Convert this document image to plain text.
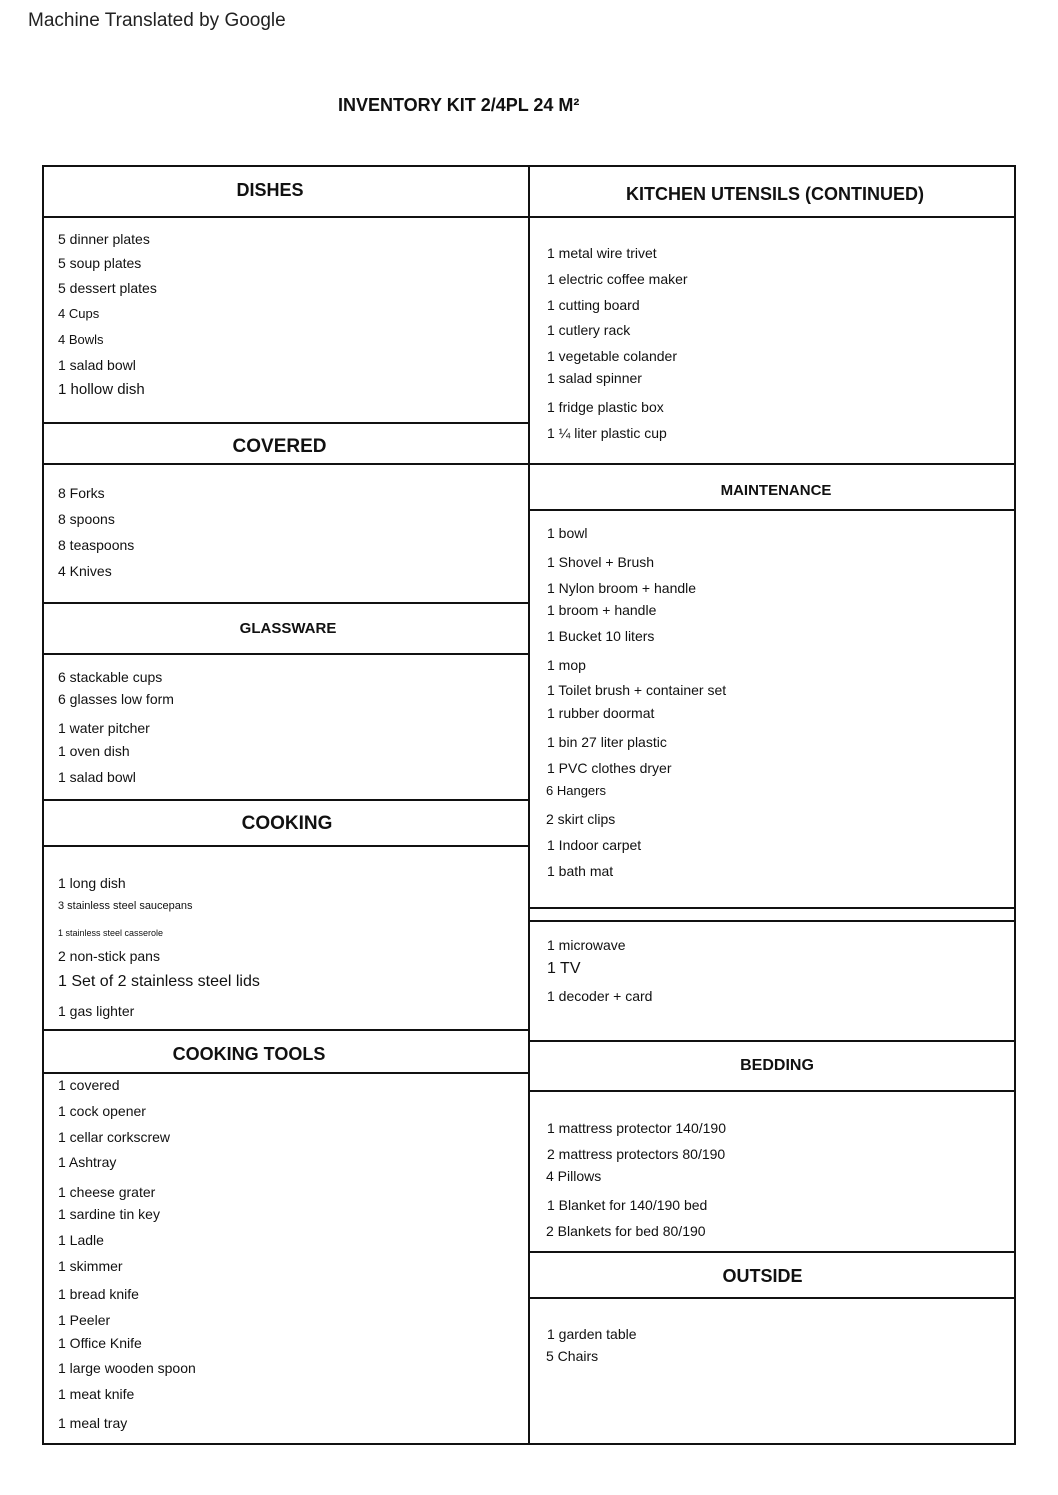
Machine Translated by Google
INVENTORY KIT 2/4PL 24 M²
DISHES
5 dinner plates
5 soup plates
5 dessert plates
4 Cups
4 Bowls
1 salad bowl
1 hollow dish
COVERED
8 Forks
8 spoons
8 teaspoons
4 Knives
GLASSWARE
6 stackable cups
6 glasses low form
1 water pitcher
1 oven dish
1 salad bowl
COOKING
1 long dish
3 stainless steel saucepans
1 stainless steel casserole
2 non-stick pans
1 Set of 2 stainless steel lids
1 gas lighter
COOKING TOOLS
1 covered
1 cock opener
1 cellar corkscrew
1 Ashtray
1 cheese grater
1 sardine tin key
1 Ladle
1 skimmer
1 bread knife
1 Peeler
1 Office Knife
1 large wooden spoon
1 meat knife
1 meal tray
KITCHEN UTENSILS (CONTINUED)
1 metal wire trivet
1 electric coffee maker
1 cutting board
1 cutlery rack
1 vegetable colander
1 salad spinner
1 fridge plastic box
1 ¼ liter plastic cup
MAINTENANCE
1 bowl
1 Shovel + Brush
1 Nylon broom + handle
1 broom + handle
1 Bucket 10 liters
1 mop
1 Toilet brush + container set
1 rubber doormat
1 bin 27 liter plastic
1 PVC clothes dryer
6 Hangers
2 skirt clips
1 Indoor carpet
1 bath mat
1 microwave
1 TV
1 decoder + card
BEDDING
1 mattress protector 140/190
2 mattress protectors 80/190
4 Pillows
1 Blanket for 140/190 bed
2 Blankets for bed 80/190
OUTSIDE
1 garden table
5 Chairs
